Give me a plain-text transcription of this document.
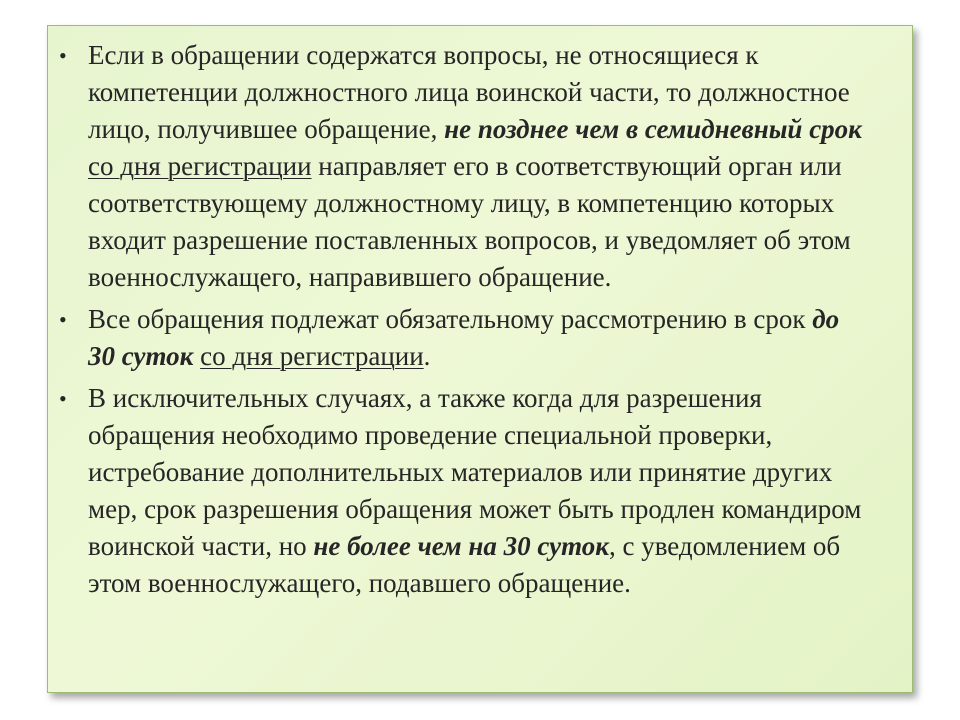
• Если в обращении содержатся вопросы, не относящиеся к компетенции должностного лица воинской части, то должностное лицо, получившее обращение, не позднее чем в семидневный срок со дня регистрации направляет его в соответствующий орган или соответствующему должностному лицу, в компетенцию которых входит разрешение поставленных вопросов, и уведомляет об этом военнослужащего, направившего обращение.
• Все обращения подлежат обязательному рассмотрению в срок до 30 суток со дня регистрации.
• В исключительных случаях, а также когда для разрешения обращения необходимо проведение специальной проверки, истребование дополнительных материалов или принятие других мер, срок разрешения обращения может быть продлен командиром воинской части, но не более чем на 30 суток, с уведомлением об этом военнослужащего, подавшего обращение.
